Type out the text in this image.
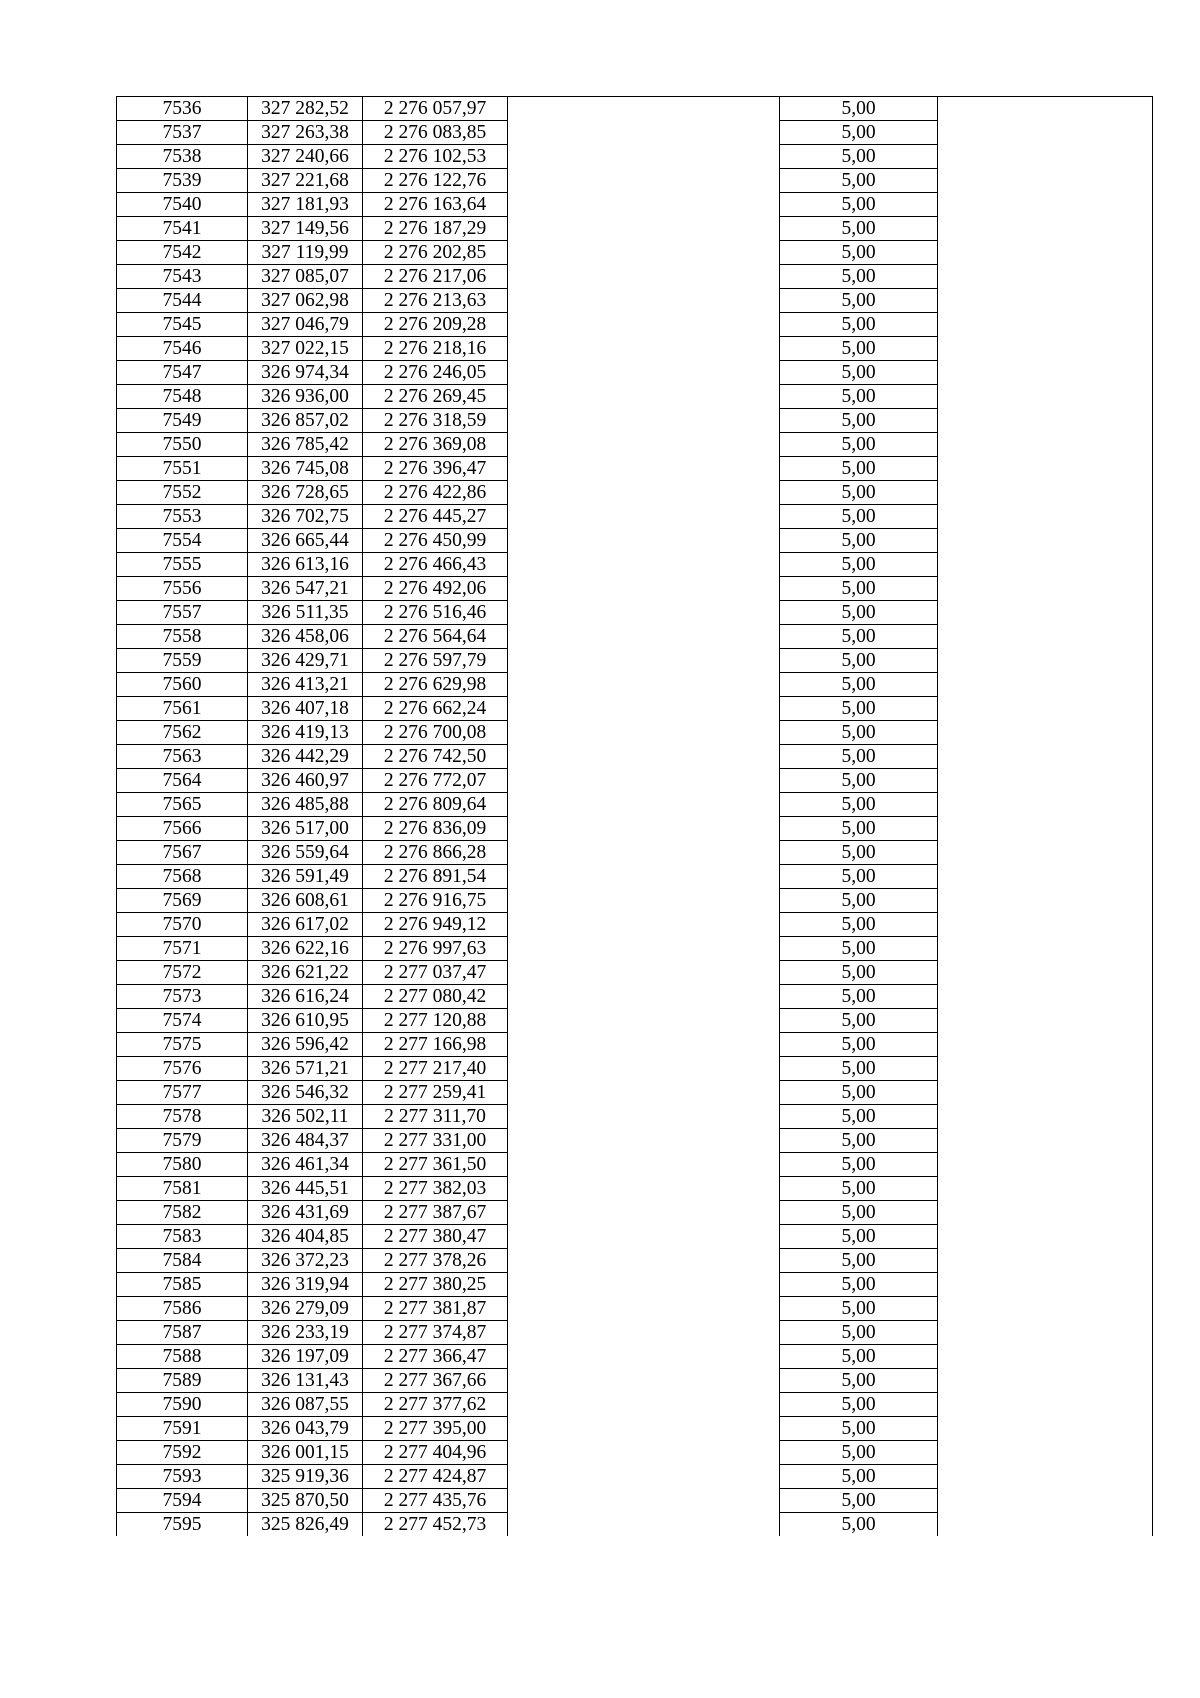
7536	327 282,52	2 276 057,97		5,00	
7537	327 263,38	2 276 083,85		5,00	
7538	327 240,66	2 276 102,53		5,00	
7539	327 221,68	2 276 122,76		5,00	
7540	327 181,93	2 276 163,64		5,00	
7541	327 149,56	2 276 187,29		5,00	
7542	327 119,99	2 276 202,85		5,00	
7543	327 085,07	2 276 217,06		5,00	
7544	327 062,98	2 276 213,63		5,00	
7545	327 046,79	2 276 209,28		5,00	
7546	327 022,15	2 276 218,16		5,00	
7547	326 974,34	2 276 246,05		5,00	
7548	326 936,00	2 276 269,45		5,00	
7549	326 857,02	2 276 318,59		5,00	
7550	326 785,42	2 276 369,08		5,00	
7551	326 745,08	2 276 396,47		5,00	
7552	326 728,65	2 276 422,86		5,00	
7553	326 702,75	2 276 445,27		5,00	
7554	326 665,44	2 276 450,99		5,00	
7555	326 613,16	2 276 466,43		5,00	
7556	326 547,21	2 276 492,06		5,00	
7557	326 511,35	2 276 516,46		5,00	
7558	326 458,06	2 276 564,64		5,00	
7559	326 429,71	2 276 597,79		5,00	
7560	326 413,21	2 276 629,98		5,00	
7561	326 407,18	2 276 662,24		5,00	
7562	326 419,13	2 276 700,08		5,00	
7563	326 442,29	2 276 742,50		5,00	
7564	326 460,97	2 276 772,07		5,00	
7565	326 485,88	2 276 809,64		5,00	
7566	326 517,00	2 276 836,09		5,00	
7567	326 559,64	2 276 866,28		5,00	
7568	326 591,49	2 276 891,54		5,00	
7569	326 608,61	2 276 916,75		5,00	
7570	326 617,02	2 276 949,12		5,00	
7571	326 622,16	2 276 997,63		5,00	
7572	326 621,22	2 277 037,47		5,00	
7573	326 616,24	2 277 080,42		5,00	
7574	326 610,95	2 277 120,88		5,00	
7575	326 596,42	2 277 166,98		5,00	
7576	326 571,21	2 277 217,40		5,00	
7577	326 546,32	2 277 259,41		5,00	
7578	326 502,11	2 277 311,70		5,00	
7579	326 484,37	2 277 331,00		5,00	
7580	326 461,34	2 277 361,50		5,00	
7581	326 445,51	2 277 382,03		5,00	
7582	326 431,69	2 277 387,67		5,00	
7583	326 404,85	2 277 380,47		5,00	
7584	326 372,23	2 277 378,26		5,00	
7585	326 319,94	2 277 380,25		5,00	
7586	326 279,09	2 277 381,87		5,00	
7587	326 233,19	2 277 374,87		5,00	
7588	326 197,09	2 277 366,47		5,00	
7589	326 131,43	2 277 367,66		5,00	
7590	326 087,55	2 277 377,62		5,00	
7591	326 043,79	2 277 395,00		5,00	
7592	326 001,15	2 277 404,96		5,00	
7593	325 919,36	2 277 424,87		5,00	
7594	325 870,50	2 277 435,76		5,00	
7595	325 826,49	2 277 452,73		5,00	
